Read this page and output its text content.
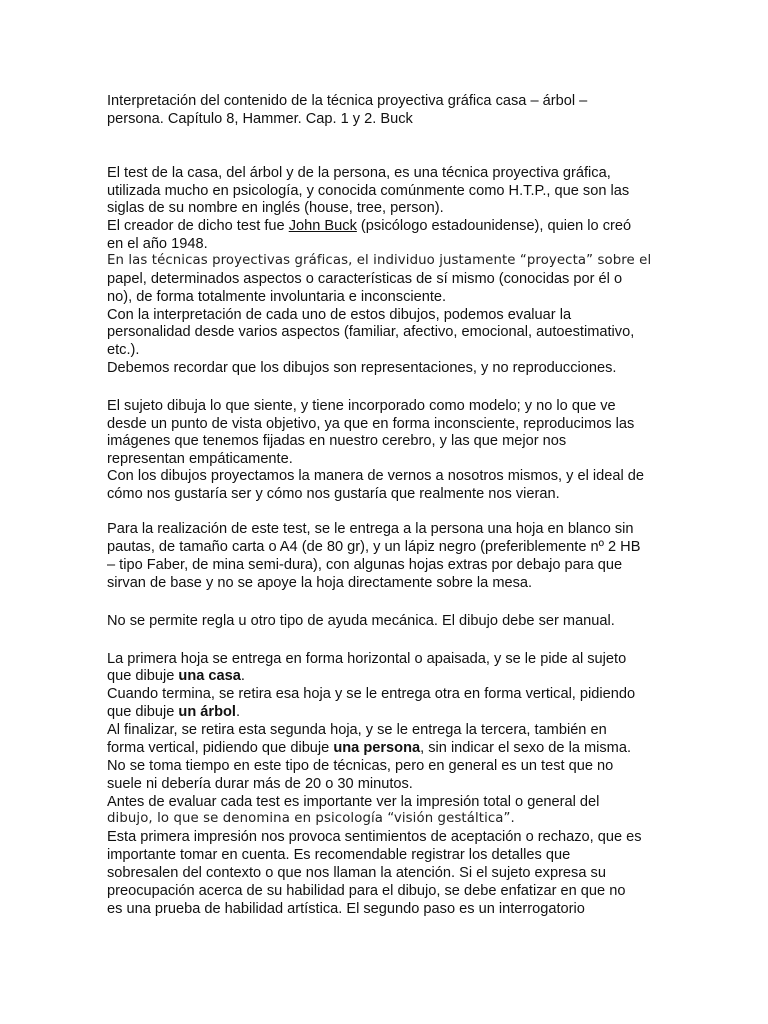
Interpretación del contenido de la técnica proyectiva gráfica casa – árbol –
persona. Capítulo 8, Hammer. Cap. 1 y 2. Buck
El test de la casa, del árbol y de la persona, es una técnica proyectiva gráfica,
utilizada mucho en psicología, y conocida comúnmente como H.T.P., que son las
siglas de su nombre en inglés (house, tree, person).
El creador de dicho test fue John Buck (psicólogo estadounidense), quien lo creó
en el año 1948.
En las técnicas proyectivas gráficas, el individuo justamente “proyecta” sobre el
papel, determinados aspectos o características de sí mismo (conocidas por él o
no), de forma totalmente involuntaria e inconsciente.
Con la interpretación de cada uno de estos dibujos, podemos evaluar la
personalidad desde varios aspectos (familiar, afectivo, emocional, autoestimativo,
etc.).
Debemos recordar que los dibujos son representaciones, y no reproducciones.
El sujeto dibuja lo que siente, y tiene incorporado como modelo; y no lo que ve
desde un punto de vista objetivo, ya que en forma inconsciente, reproducimos las
imágenes que tenemos fijadas en nuestro cerebro, y las que mejor nos
representan empáticamente.
Con los dibujos proyectamos la manera de vernos a nosotros mismos, y el ideal de
cómo nos gustaría ser y cómo nos gustaría que realmente nos vieran.
Para la realización de este test, se le entrega a la persona una hoja en blanco sin
pautas, de tamaño carta o A4 (de 80 gr), y un lápiz negro (preferiblemente nº 2 HB
– tipo Faber, de mina semi-dura), con algunas hojas extras por debajo para que
sirvan de base y no se apoye la hoja directamente sobre la mesa.
No se permite regla u otro tipo de ayuda mecánica. El dibujo debe ser manual.
La primera hoja se entrega en forma horizontal o apaisada, y se le pide al sujeto
que dibuje una casa.
Cuando termina, se retira esa hoja y se le entrega otra en forma vertical, pidiendo
que dibuje un árbol.
Al finalizar, se retira esta segunda hoja, y se le entrega la tercera, también en
forma vertical, pidiendo que dibuje una persona, sin indicar el sexo de la misma.
No se toma tiempo en este tipo de técnicas, pero en general es un test que no
suele ni debería durar más de 20 o 30 minutos.
Antes de evaluar cada test es importante ver la impresión total o general del
dibujo, lo que se denomina en psicología “visión gestáltica”.
Esta primera impresión nos provoca sentimientos de aceptación o rechazo, que es
importante tomar en cuenta. Es recomendable registrar los detalles que
sobresalen del contexto o que nos llaman la atención. Si el sujeto expresa su
preocupación acerca de su habilidad para el dibujo, se debe enfatizar en que no
es una prueba de habilidad artística. El segundo paso es un interrogatorio
